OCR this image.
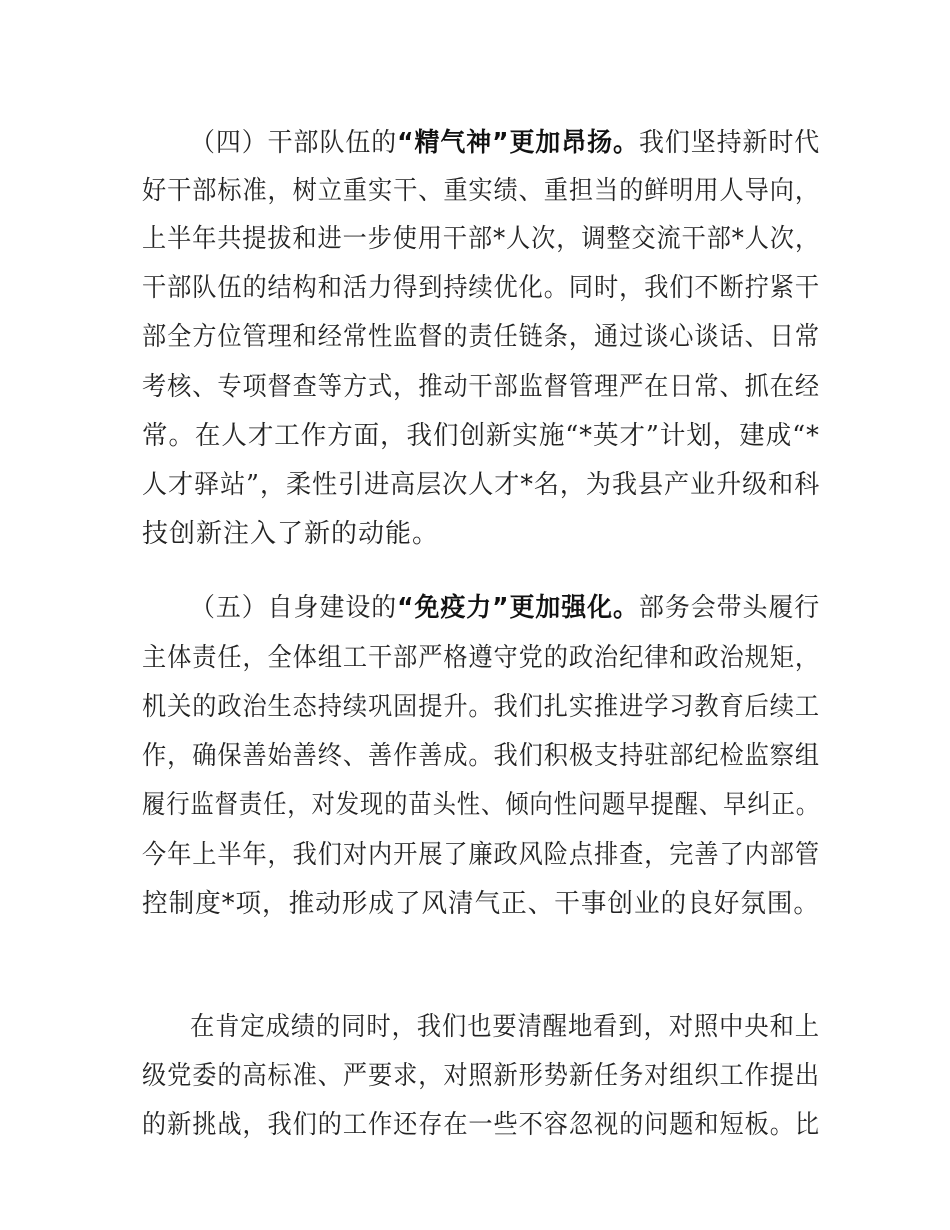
（四）干部队伍的“精气神”更加昂扬。我们坚持新时代
好干部标准，树立重实干、重实绩、重担当的鲜明用人导向，
上半年共提拔和进一步使用干部*人次，调整交流干部*人次，
干部队伍的结构和活力得到持续优化。同时，我们不断拧紧干
部全方位管理和经常性监督的责任链条，通过谈心谈话、日常
考核、专项督查等方式，推动干部监督管理严在日常、抓在经
常。在人才工作方面，我们创新实施“*英才”计划，建成“*
人才驿站”，柔性引进高层次人才*名，为我县产业升级和科
技创新注入了新的动能。
（五）自身建设的“免疫力”更加强化。部务会带头履行
主体责任，全体组工干部严格遵守党的政治纪律和政治规矩，
机关的政治生态持续巩固提升。我们扎实推进学习教育后续工
作，确保善始善终、善作善成。我们积极支持驻部纪检监察组
履行监督责任，对发现的苗头性、倾向性问题早提醒、早纠正。
今年上半年，我们对内开展了廉政风险点排查，完善了内部管
控制度*项，推动形成了风清气正、干事创业的良好氛围。
在肯定成绩的同时，我们也要清醒地看到，对照中央和上
级党委的高标准、严要求，对照新形势新任务对组织工作提出
的新挑战，我们的工作还存在一些不容忽视的问题和短板。比
